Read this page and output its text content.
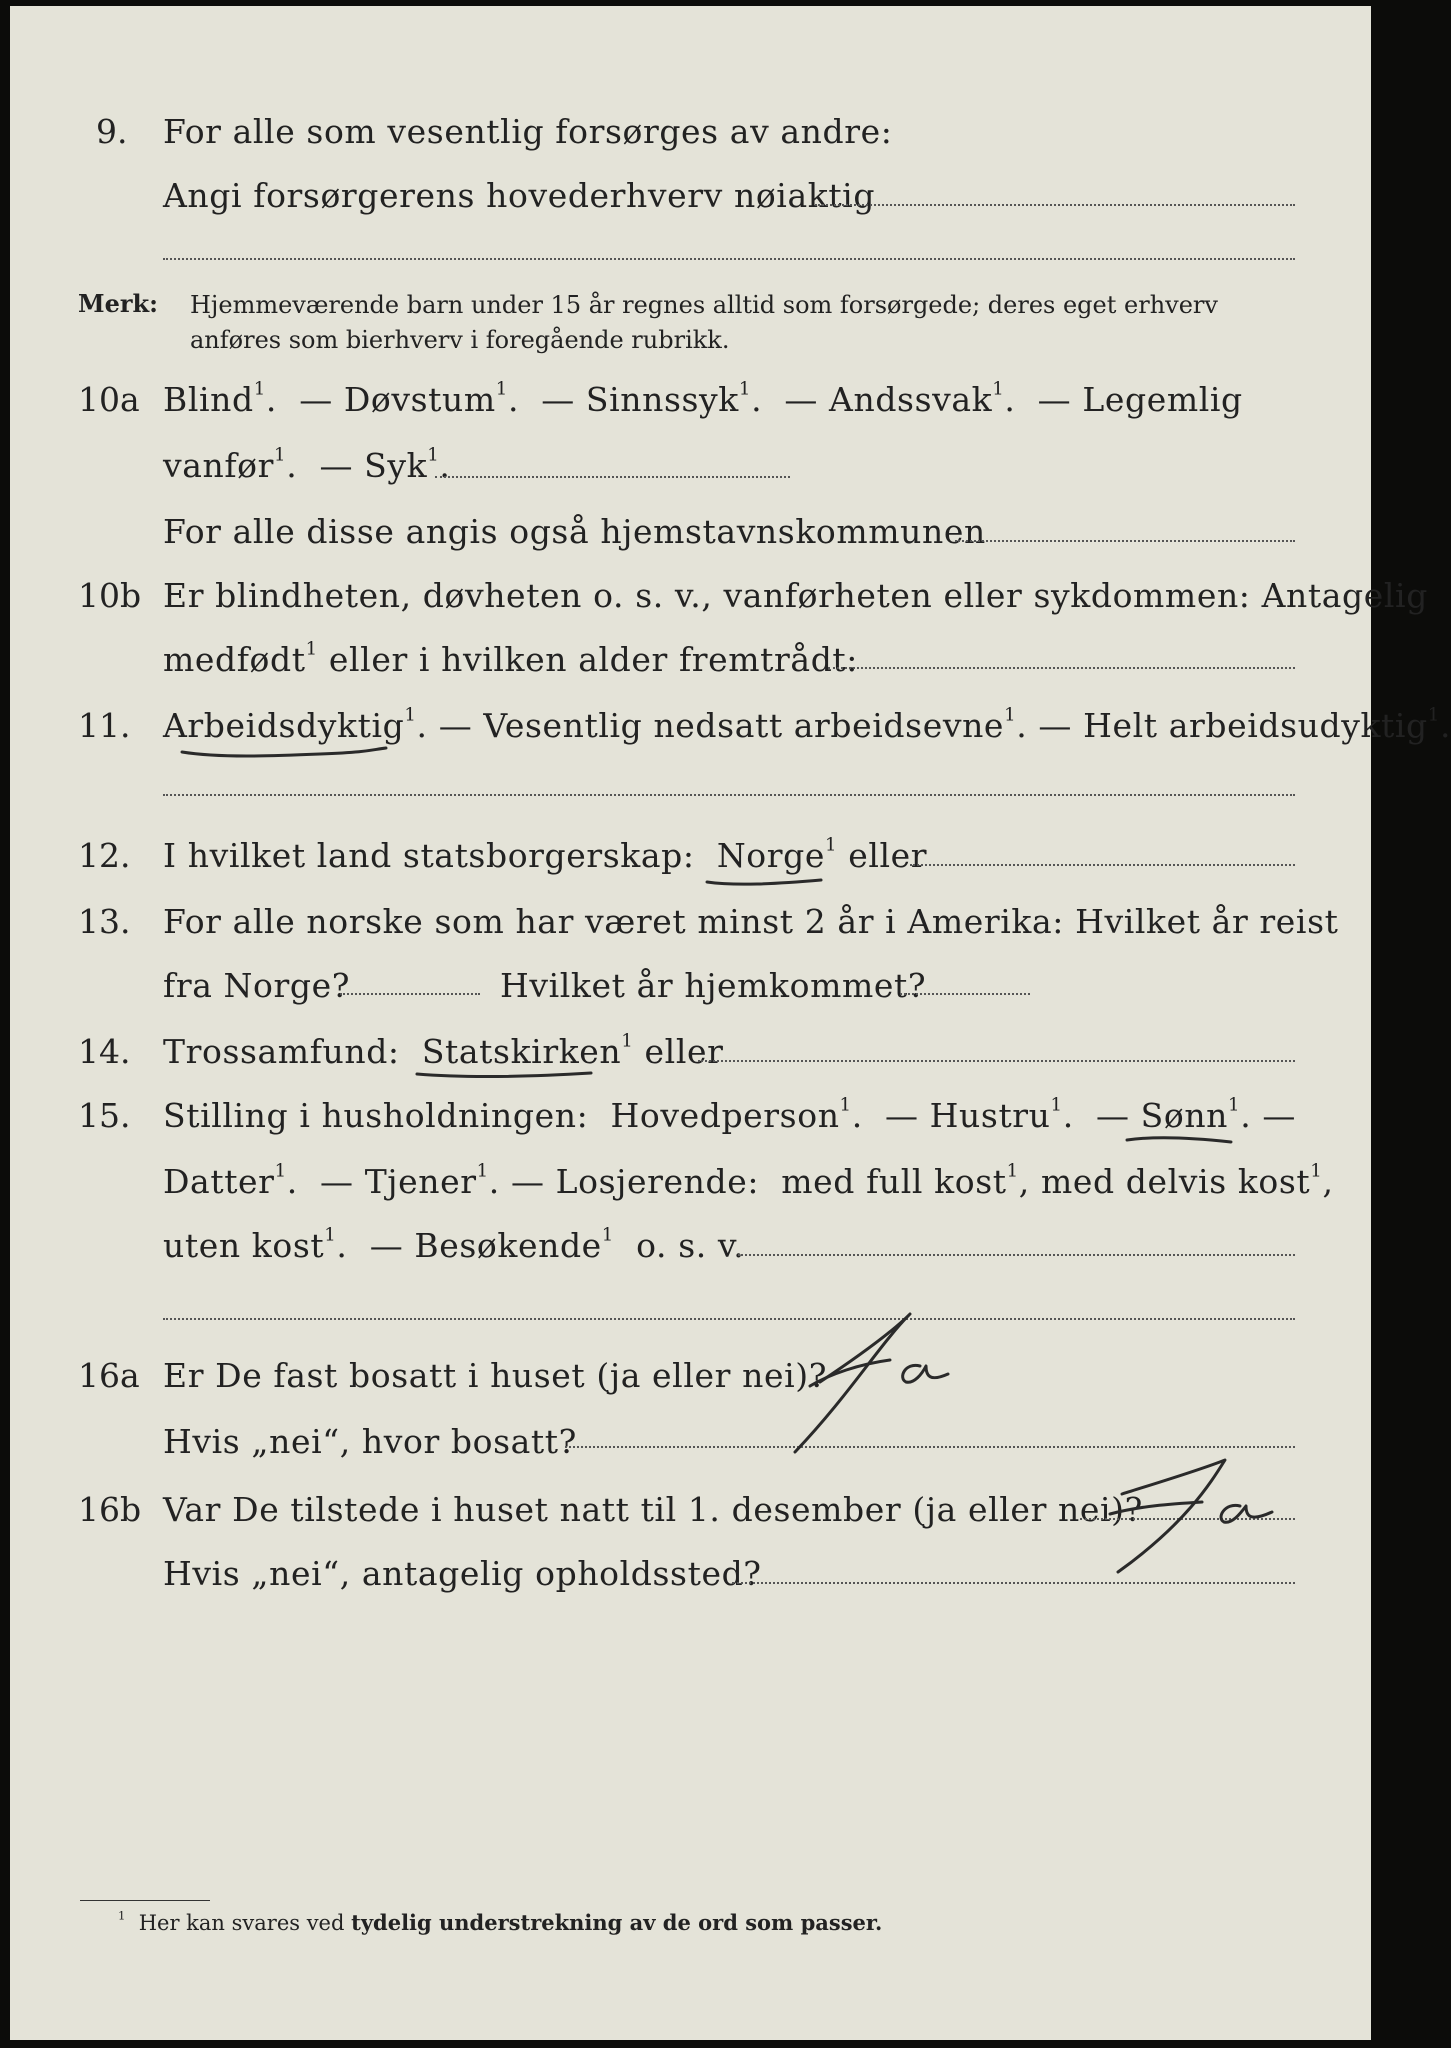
9. For alle som vesentlig forsørges av andre:
Angi forsørgerens hovederhverv nøiaktig
Merk: Hjemmeværende barn under 15 år regnes alltid som forsørgede; deres eget erhverv
anføres som bierhverv i foregående rubrikk.
10a Blind$^1$.  — Døvstum$^1$.  — Sinnssyk$^1$.  — Andssvak$^1$.  — Legemlig
vanfør$^1$.  — Syk$^1$.
For alle disse angis også hjemstavnskommunen
10b Er blindheten, døvheten o. s. v., vanførheten eller sykdommen: Antagelig
medfødt$^1$ eller i hvilken alder fremtrådt:
11. Arbeidsdyktig$^1$. — Vesentlig nedsatt arbeidsevne$^1$. — Helt arbeidsudyktig$^1$.
12. I hvilket land statsborgerskap: Norge$^1$ eller
13. For alle norske som har været minst 2 år i Amerika: Hvilket år reist
fra Norge?	Hvilket år hjemkommet?
14. Trossamfund: Statskirken$^1$ eller
15. Stilling i husholdningen: Hovedperson$^1$.  — Hustru$^1$.  — Sønn$^1$. —
Datter$^1$.  — Tjener$^1$. — Losjerende: med full kost$^1$, med delvis kost$^1$,
uten kost$^1$.  — Besøkende$^1$ o. s. v.
16a Er De fast bosatt i huset (ja eller nei)?
Hvis „nei“, hvor bosatt?
16b Var De tilstede i huset natt til 1. desember (ja eller nei)?
Hvis „nei“, antagelig opholdssted?
$^1$ Her kan svares ved tydelig understrekning av de ord som passer.
